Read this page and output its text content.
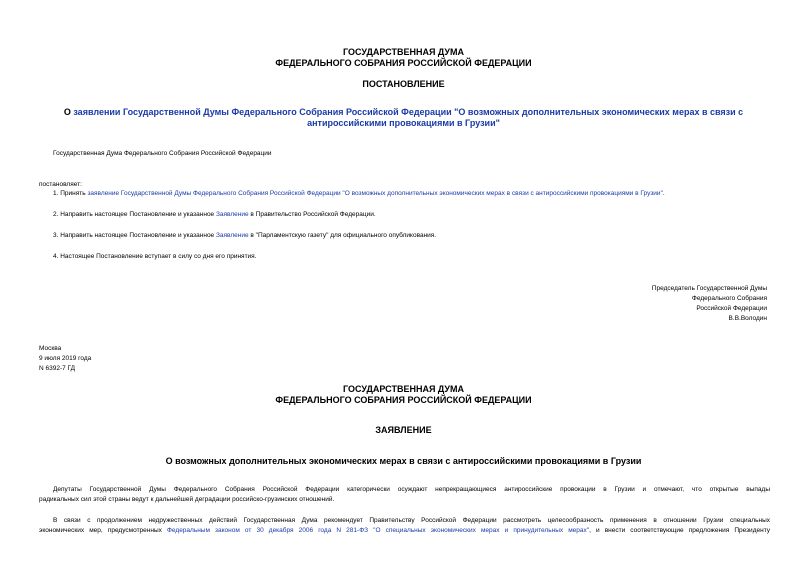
ГОСУДАРСТВЕННАЯ ДУМА
ФЕДЕРАЛЬНОГО СОБРАНИЯ РОССИЙСКОЙ ФЕДЕРАЦИИ
ПОСТАНОВЛЕНИЕ
О заявлении Государственной Думы Федерального Собрания Российской Федерации "О возможных дополнительных экономических мерах в связи с
антироссийскими провокациями в Грузии"
Государственная Дума Федерального Собрания Российской Федерации
постановляет:
1. Принять заявление Государственной Думы Федерального Собрания Российской Федерации "О возможных дополнительных экономических мерах в связи с антироссийскими провокациями в Грузии".
2. Направить настоящее Постановление и указанное Заявление в Правительство Российской Федерации.
3. Направить настоящее Постановление и указанное Заявление в "Парламентскую газету" для официального опубликования.
4. Настоящее Постановление вступает в силу со дня его принятия.
Председатель Государственной Думы
Федерального Собрания
Российской Федерации
В.В.Володин
Москва
9 июля 2019 года
N 6392-7 ГД
ГОСУДАРСТВЕННАЯ ДУМА
ФЕДЕРАЛЬНОГО СОБРАНИЯ РОССИЙСКОЙ ФЕДЕРАЦИИ
ЗАЯВЛЕНИЕ
О возможных дополнительных экономических мерах в связи с антироссийскими провокациями в Грузии
Депутаты Государственной Думы Федерального Собрания Российской Федерации категорически осуждают непрекращающиеся антироссийские провокации в Грузии и отмечают, что открытые выпады
радикальных сил этой страны ведут к дальнейшей деградации российско-грузинских отношений.
В связи с продолжением недружественных действий Государственная Дума рекомендует Правительству Российской Федерации рассмотреть целесообразность применения в отношении Грузии специальных
экономических мер, предусмотренных Федеральным законом от 30 декабря 2006 года N 281-ФЗ "О специальных экономических мерах и принудительных мерах", и внести соответствующие предложения Президенту
